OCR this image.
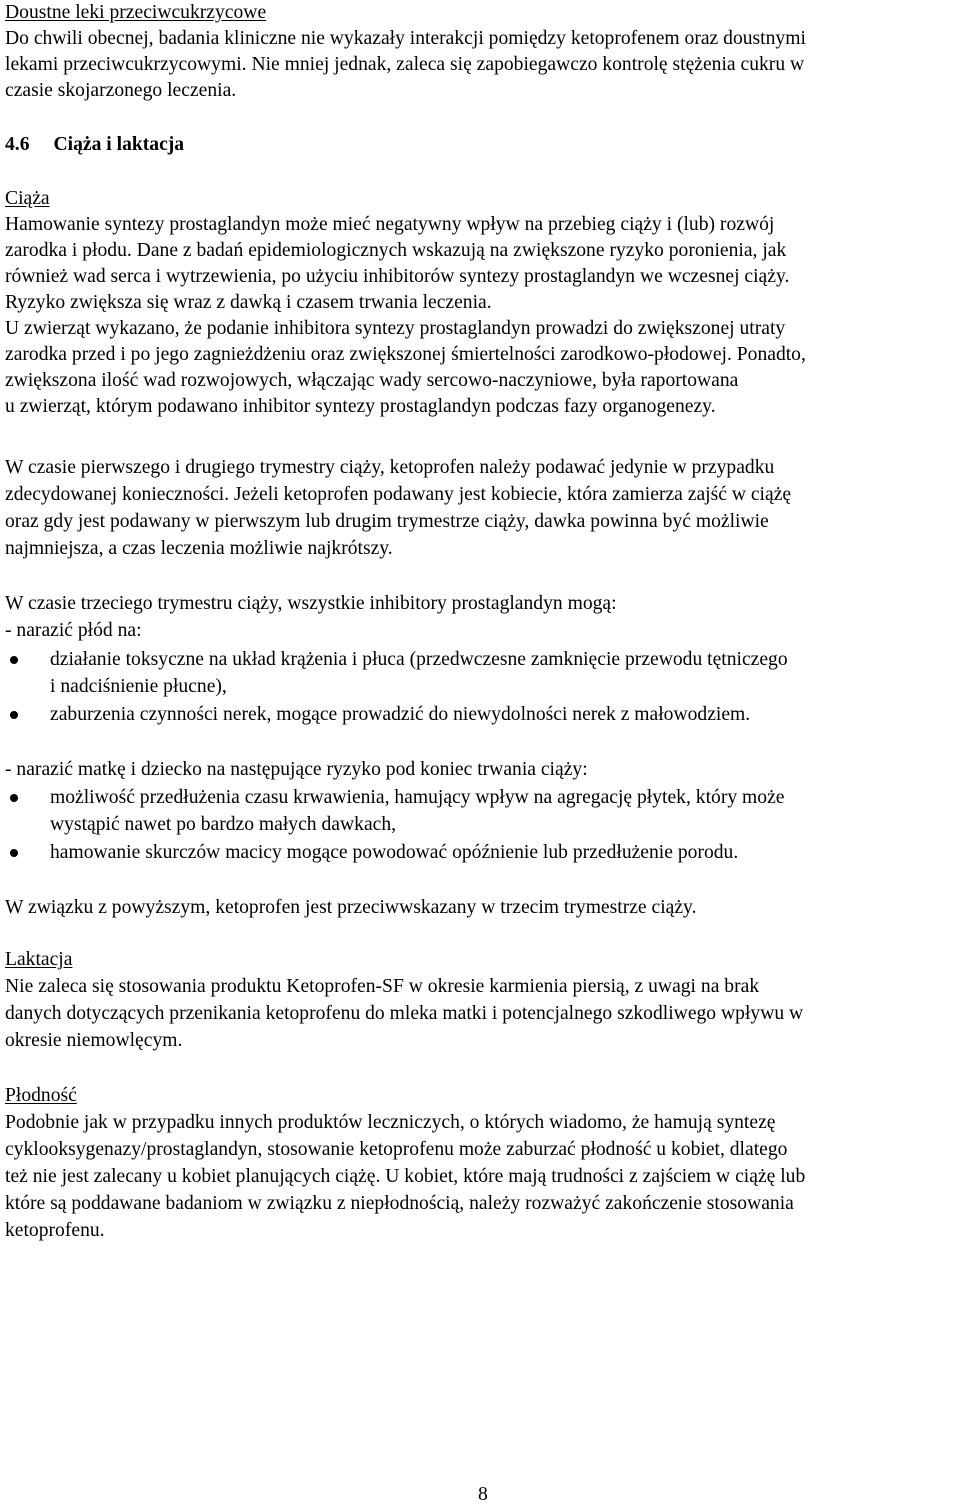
Doustne leki przeciwcukrzycowe
Do chwili obecnej, badania kliniczne nie wykazały interakcji pomiędzy ketoprofenem oraz doustnymi
lekami przeciwcukrzycowymi. Nie mniej jednak, zaleca się zapobiegawczo kontrolę stężenia cukru w
czasie skojarzonego leczenia.
4.6 Ciąża i laktacja
Ciąża
Hamowanie syntezy prostaglandyn może mieć negatywny wpływ na przebieg ciąży i (lub) rozwój
zarodka i płodu. Dane z badań epidemiologicznych wskazują na zwiększone ryzyko poronienia, jak
również wad serca i wytrzewienia, po użyciu inhibitorów syntezy prostaglandyn we wczesnej ciąży.
Ryzyko zwiększa się wraz z dawką i czasem trwania leczenia.
U zwierząt wykazano, że podanie inhibitora syntezy prostaglandyn prowadzi do zwiększonej utraty
zarodka przed i po jego zagnieżdżeniu oraz zwiększonej śmiertelności zarodkowo-płodowej. Ponadto,
zwiększona ilość wad rozwojowych, włączając wady sercowo-naczyniowe, była raportowana
u zwierząt, którym podawano inhibitor syntezy prostaglandyn podczas fazy organogenezy.
W czasie pierwszego i drugiego trymestry ciąży, ketoprofen należy podawać jedynie w przypadku
zdecydowanej konieczności. Jeżeli ketoprofen podawany jest kobiecie, która zamierza zajść w ciążę
oraz gdy jest podawany w pierwszym lub drugim trymestrze ciąży, dawka powinna być możliwie
najmniejsza, a czas leczenia możliwie najkrótszy.
W czasie trzeciego trymestru ciąży, wszystkie inhibitory prostaglandyn mogą:
- narazić płód na:
działanie toksyczne na układ krążenia i płuca (przedwczesne zamknięcie przewodu tętniczego
i nadciśnienie płucne),
zaburzenia czynności nerek, mogące prowadzić do niewydolności nerek z małowodziem.
- narazić matkę i dziecko na następujące ryzyko pod koniec trwania ciąży:
możliwość przedłużenia czasu krwawienia, hamujący wpływ na agregację płytek, który może
wystąpić nawet po bardzo małych dawkach,
hamowanie skurczów macicy mogące powodować opóźnienie lub przedłużenie porodu.
W związku z powyższym, ketoprofen jest przeciwwskazany w trzecim trymestrze ciąży.
Laktacja
Nie zaleca się stosowania produktu Ketoprofen-SF w okresie karmienia piersią, z uwagi na brak
danych dotyczących przenikania ketoprofenu do mleka matki i potencjalnego szkodliwego wpływu w
okresie niemowlęcym.
Płodność
Podobnie jak w przypadku innych produktów leczniczych, o których wiadomo, że hamują syntezę
cyklooksygenazy/prostaglandyn, stosowanie ketoprofenu może zaburzać płodność u kobiet, dlatego
też nie jest zalecany u kobiet planujących ciążę. U kobiet, które mają trudności z zajściem w ciążę lub
które są poddawane badaniom w związku z niepłodnością, należy rozważyć zakończenie stosowania
ketoprofenu.
8
